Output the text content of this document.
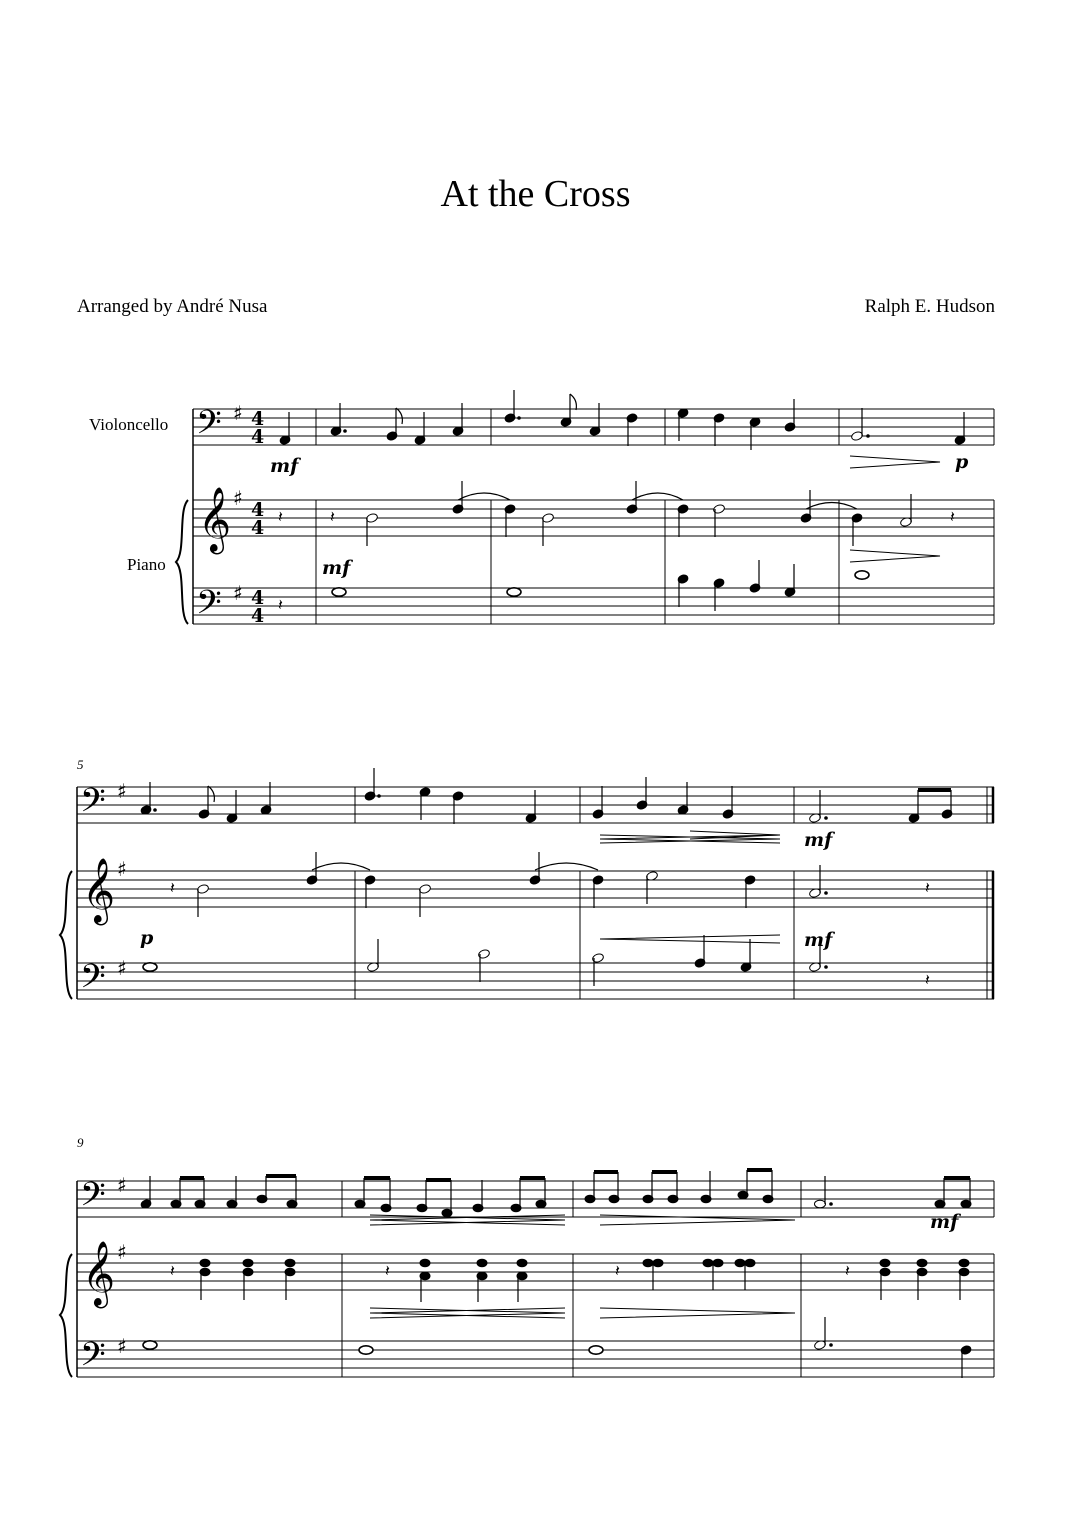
At the Cross
Arranged by André Nusa	Ralph E. Hudson
Violoncello
Piano
5
9
𝄢
𝄞
𝄢
𝄢
𝄞
𝄢
𝄢
𝄞
𝄢
♯
♯
♯
♯
♯
♯
♯
♯
♯
4
4
4
4
4
4
𝄽
𝄽
𝄽	𝄽
𝄽	𝄽
𝄽
𝄽	𝄽	𝄽	𝄽
mf	p
mf
p
mf
mf
mf
